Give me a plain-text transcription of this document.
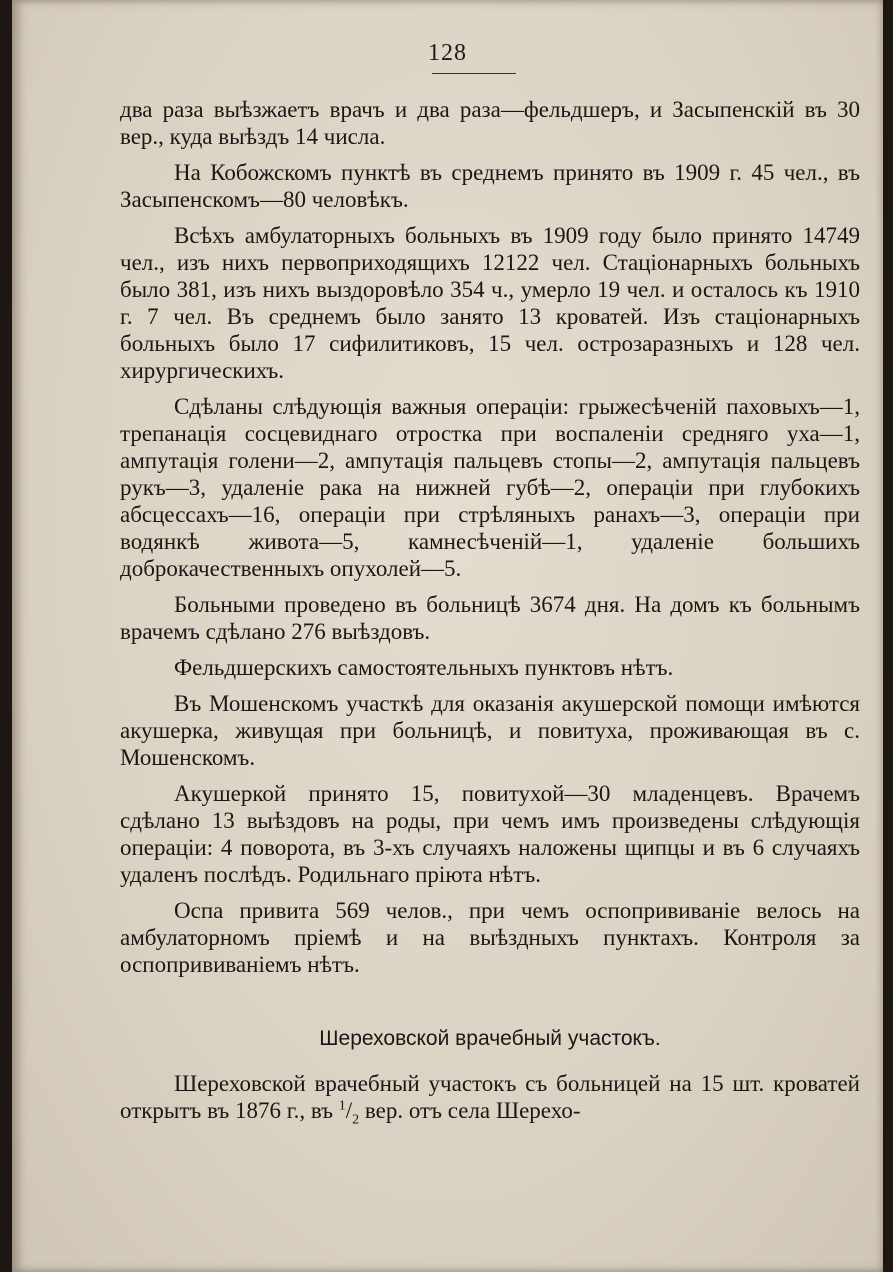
128

два раза выѣзжаетъ врачъ и два раза—фельдшеръ, и Засыпенскій въ 30 вер., куда выѣздъ 14 числа.

На Кобожскомъ пунктѣ въ среднемъ принято въ 1909 г. 45 чел., въ Засыпенскомъ—80 человѣкъ.

Всѣхъ амбулаторныхъ больныхъ въ 1909 году было принято 14749 чел., изъ нихъ первоприходящихъ 12122 чел. Стаціонарныхъ больныхъ было 381, изъ нихъ выздоровѣло 354 ч., умерло 19 чел. и осталось къ 1910 г. 7 чел. Въ среднемъ было занято 13 кроватей. Изъ стаціонарныхъ больныхъ было 17 сифилитиковъ, 15 чел. острозаразныхъ и 128 чел. хирургическихъ.

Сдѣланы слѣдующія важныя операціи: грыжесѣченій паховыхъ—1, трепанація сосцевиднаго отростка при воспаленіи средняго уха—1, ампутація голени—2, ампутація пальцевъ стопы—2, ампутація пальцевъ рукъ—3, удаленіе рака на нижней губѣ—2, операціи при глубокихъ абсцессахъ—16, операціи при стрѣляныхъ ранахъ—3, операціи при водянкѣ живота—5, камнесѣченій—1, удаленіе большихъ доброкачественныхъ опухолей—5.

Больными проведено въ больницѣ 3674 дня. На домъ къ больнымъ врачемъ сдѣлано 276 выѣздовъ.

Фельдшерскихъ самостоятельныхъ пунктовъ нѣтъ.

Въ Мошенскомъ участкѣ для оказанія акушерской помощи имѣются акушерка, живущая при больницѣ, и повитуха, проживающая въ с. Мошенскомъ.

Акушеркой принято 15, повитухой—30 младенцевъ. Врачемъ сдѣлано 13 выѣздовъ на роды, при чемъ имъ произведены слѣдующія операціи: 4 поворота, въ 3-хъ случаяхъ наложены щипцы и въ 6 случаяхъ удаленъ послѣдъ. Родильнаго пріюта нѣтъ.

Оспа привита 569 челов., при чемъ оспопрививаніе велось на амбулаторномъ пріемѣ и на выѣздныхъ пунктахъ. Контроля за оспопрививаніемъ нѣтъ.

Шереховской врачебный участокъ.

Шереховской врачебный участокъ съ больницей на 15 шт. кроватей открытъ въ 1876 г., въ $^1/_2$ вер. отъ села Шерехо-
